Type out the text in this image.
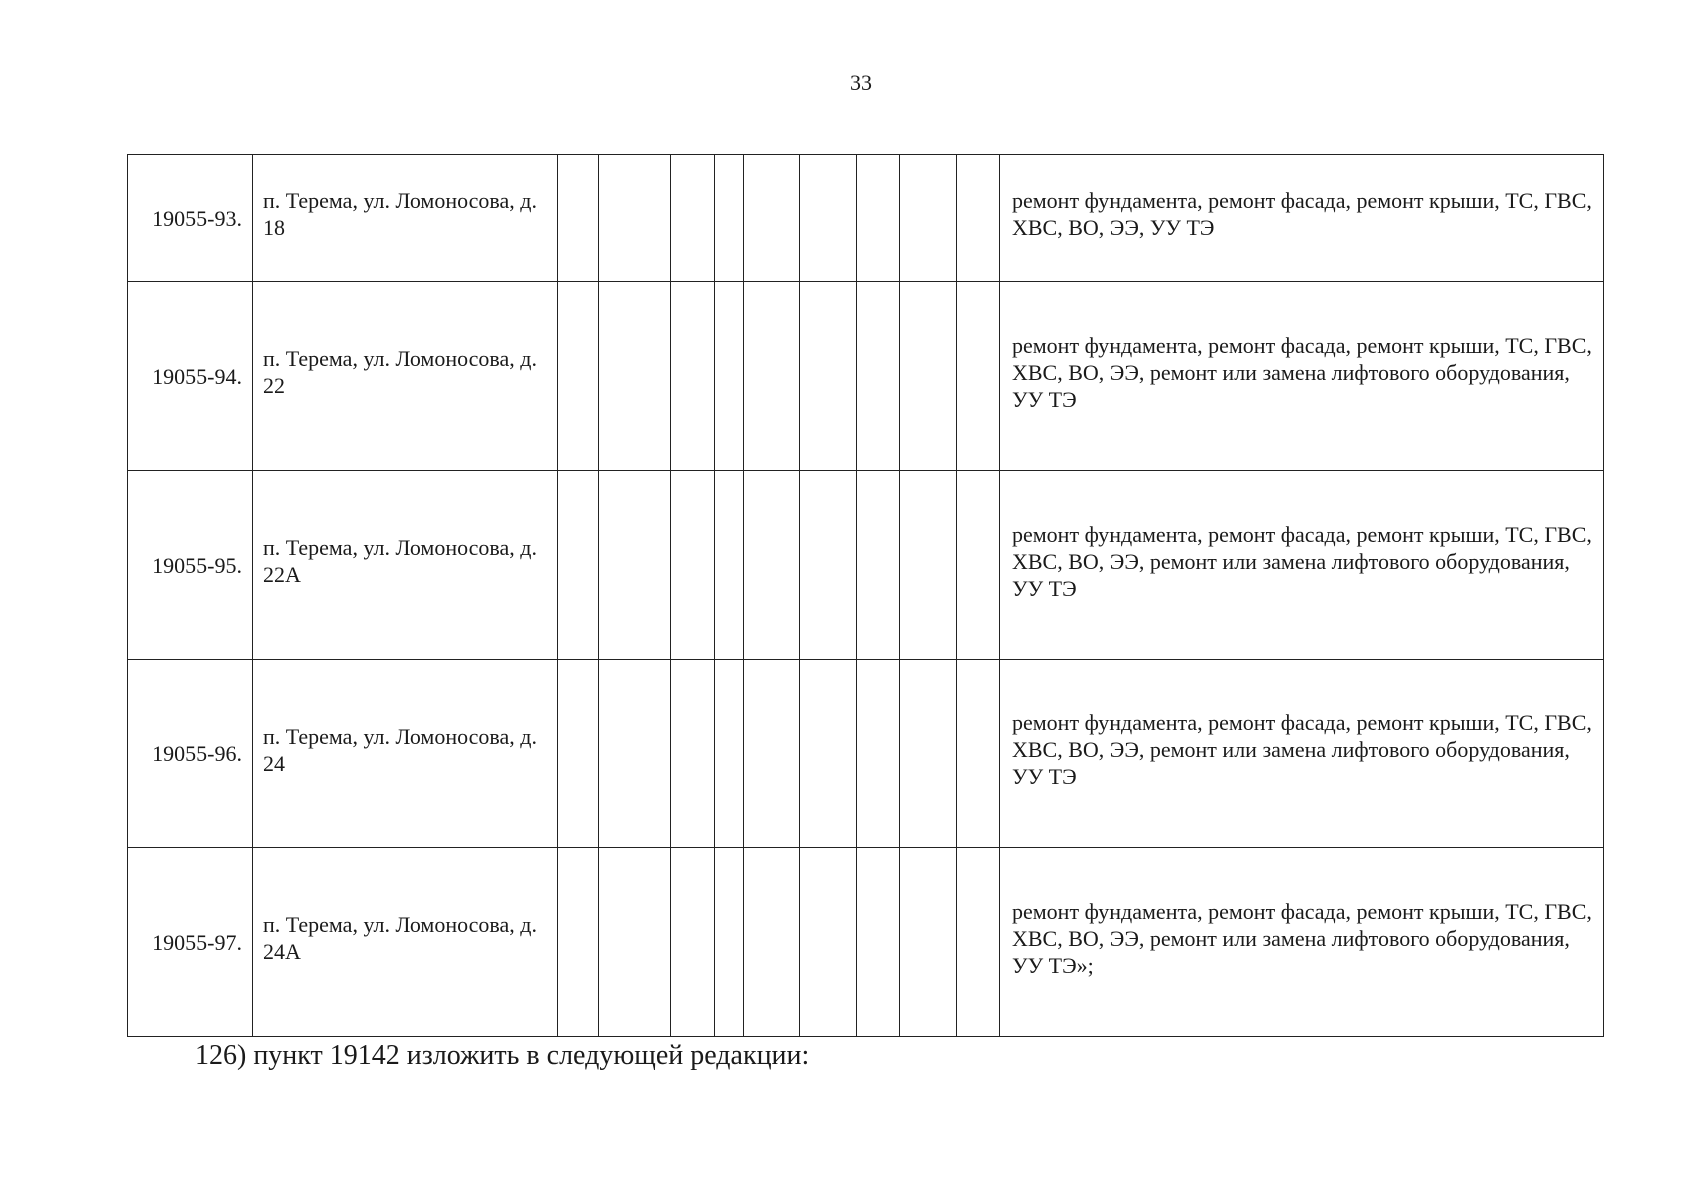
33
19055-93.	п. Терема, ул. Ломоносова, д. 18										ремонт фундамента, ремонт фасада, ремонт крыши, ТС, ГВС, ХВС, ВО, ЭЭ, УУ ТЭ
19055-94.	п. Терема, ул. Ломоносова, д. 22										ремонт фундамента, ремонт фасада, ремонт крыши, ТС, ГВС, ХВС, ВО, ЭЭ, ремонт или замена лифтового оборудования, УУ ТЭ
19055-95.	п. Терема, ул. Ломоносова, д. 22А										ремонт фундамента, ремонт фасада, ремонт крыши, ТС, ГВС, ХВС, ВО, ЭЭ, ремонт или замена лифтового оборудования, УУ ТЭ
19055-96.	п. Терема, ул. Ломоносова, д. 24										ремонт фундамента, ремонт фасада, ремонт крыши, ТС, ГВС, ХВС, ВО, ЭЭ, ремонт или замена лифтового оборудования, УУ ТЭ
19055-97.	п. Терема, ул. Ломоносова, д. 24А										ремонт фундамента, ремонт фасада, ремонт крыши, ТС, ГВС, ХВС, ВО, ЭЭ, ремонт или замена лифтового оборудования, УУ ТЭ»;
126) пункт 19142 изложить в следующей редакции:
